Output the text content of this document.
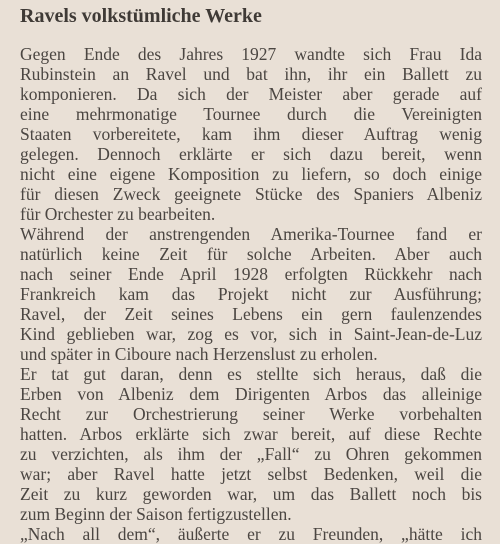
Ravels volkstümliche Werke
Gegen Ende des Jahres 1927 wandte sich Frau Ida
Rubinstein an Ravel und bat ihn, ihr ein Ballett zu
komponieren. Da sich der Meister aber gerade auf
eine mehrmonatige Tournee durch die Vereinigten
Staaten vorbereitete, kam ihm dieser Auftrag wenig
gelegen. Dennoch erklärte er sich dazu bereit, wenn
nicht eine eigene Komposition zu liefern, so doch einige
für diesen Zweck geeignete Stücke des Spaniers Albeniz
für Orchester zu bearbeiten.
Während der anstrengenden Amerika-Tournee fand er
natürlich keine Zeit für solche Arbeiten. Aber auch
nach seiner Ende April 1928 erfolgten Rückkehr nach
Frankreich kam das Projekt nicht zur Ausführung;
Ravel, der Zeit seines Lebens ein gern faulenzendes
Kind geblieben war, zog es vor, sich in Saint-Jean-de-Luz
und später in Ciboure nach Herzenslust zu erholen.
Er tat gut daran, denn es stellte sich heraus, daß die
Erben von Albeniz dem Dirigenten Arbos das alleinige
Recht zur Orchestrierung seiner Werke vorbehalten
hatten. Arbos erklärte sich zwar bereit, auf diese Rechte
zu verzichten, als ihm der „Fall“ zu Ohren gekommen
war; aber Ravel hatte jetzt selbst Bedenken, weil die
Zeit zu kurz geworden war, um das Ballett noch bis
zum Beginn der Saison fertigzustellen.
„Nach all dem“, äußerte er zu Freunden, „hätte ich
